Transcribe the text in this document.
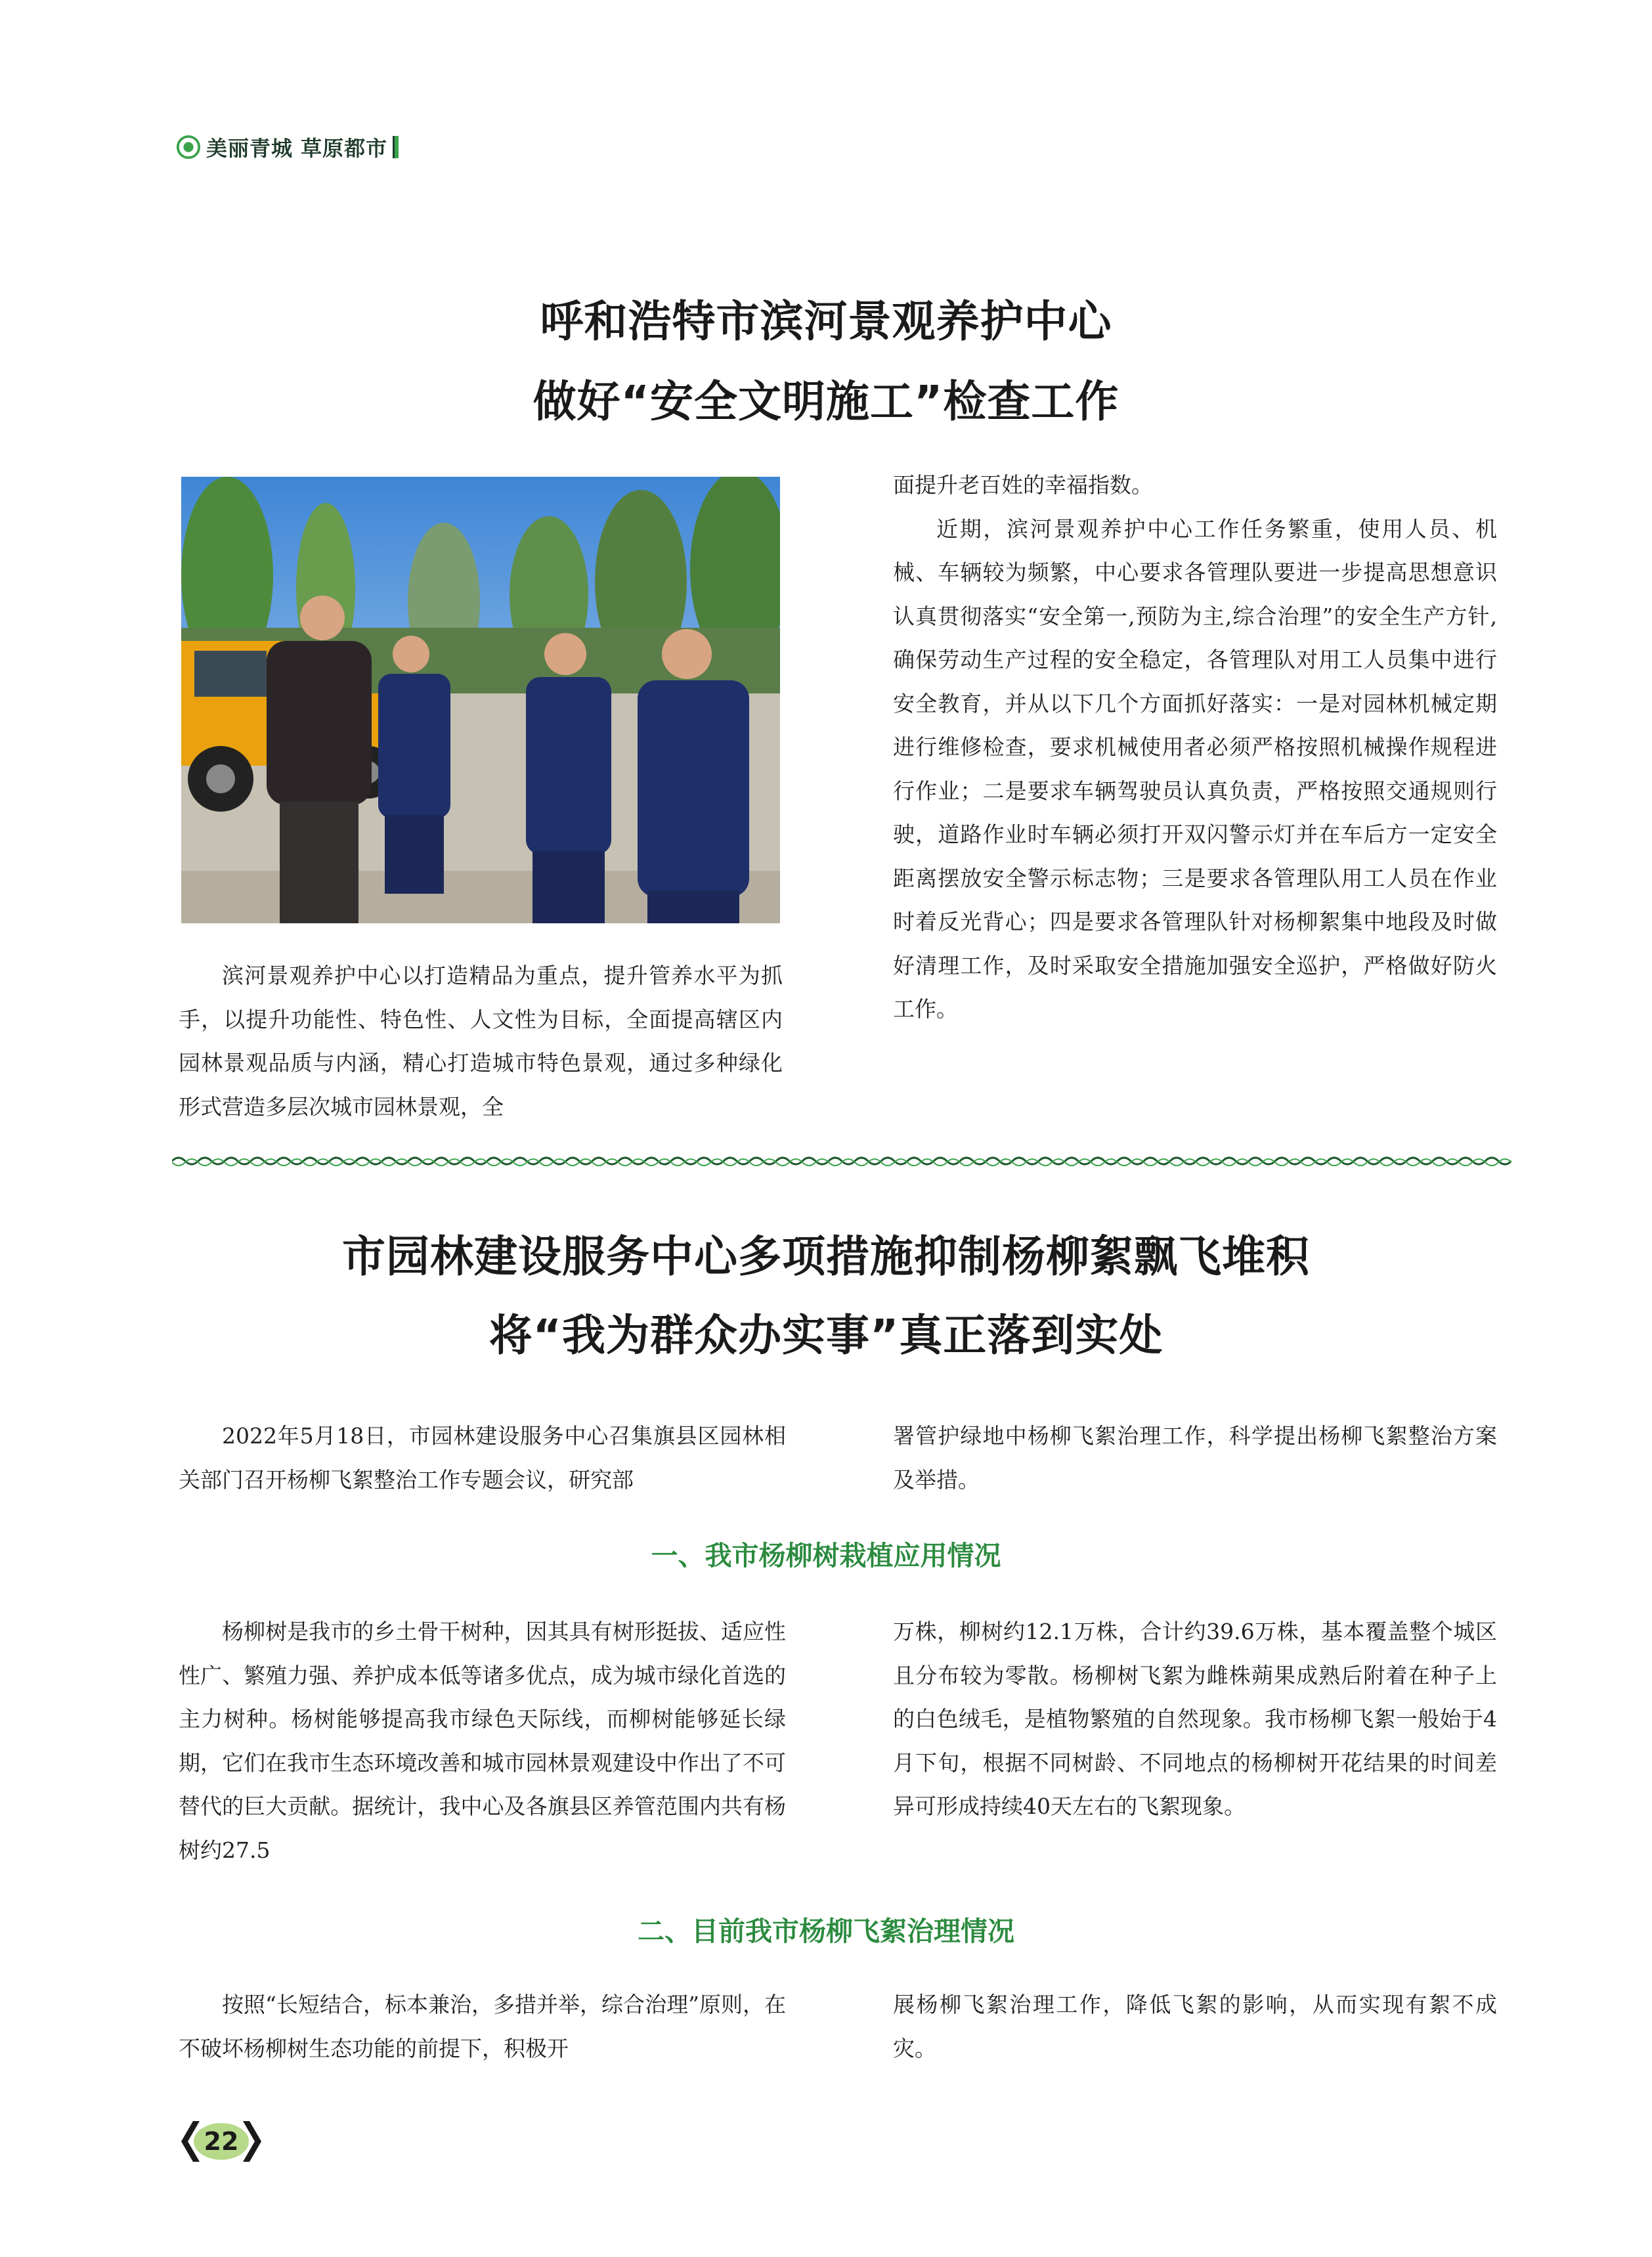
美丽青城 草原都市
呼和浩特市滨河景观养护中心
做好“安全文明施工”检查工作

滨河景观养护中心以打造精品为重点，提升管养水平为抓手，以提升功能性、特色性、人文性为目标，全面提高辖区内园林景观品质与内涵，精心打造城市特色景观，通过多种绿化形式营造多层次城市园林景观，全

面提升老百姓的幸福指数。

近期，滨河景观养护中心工作任务繁重，使用人员、机械、车辆较为频繁，中心要求各管理队要进一步提高思想意识认真贯彻落实“安全第一,预防为主,综合治理”的安全生产方针,确保劳动生产过程的安全稳定，各管理队对用工人员集中进行安全教育，并从以下几个方面抓好落实：一是对园林机械定期进行维修检查，要求机械使用者必须严格按照机械操作规程进行作业；二是要求车辆驾驶员认真负责，严格按照交通规则行驶，道路作业时车辆必须打开双闪警示灯并在车后方一定安全距离摆放安全警示标志物；三是要求各管理队用工人员在作业时着反光背心；四是要求各管理队针对杨柳絮集中地段及时做好清理工作，及时采取安全措施加强安全巡护，严格做好防火工作。

市园林建设服务中心多项措施抑制杨柳絮飘飞堆积
将“我为群众办实事”真正落到实处

2022年5月18日，市园林建设服务中心召集旗县区园林相关部门召开杨柳飞絮整治工作专题会议，研究部

署管护绿地中杨柳飞絮治理工作，科学提出杨柳飞絮整治方案及举措。

一、我市杨柳树栽植应用情况

杨柳树是我市的乡土骨干树种，因其具有树形挺拔、适应性性广、繁殖力强、养护成本低等诸多优点，成为城市绿化首选的主力树种。杨树能够提高我市绿色天际线，而柳树能够延长绿期，它们在我市生态环境改善和城市园林景观建设中作出了不可替代的巨大贡献。据统计，我中心及各旗县区养管范围内共有杨树约27.5

万株，柳树约12.1万株，合计约39.6万株，基本覆盖整个城区且分布较为零散。杨柳树飞絮为雌株蒴果成熟后附着在种子上的白色绒毛，是植物繁殖的自然现象。我市杨柳飞絮一般始于4月下旬，根据不同树龄、不同地点的杨柳树开花结果的时间差异可形成持续40天左右的飞絮现象。

二、目前我市杨柳飞絮治理情况

按照“长短结合，标本兼治，多措并举，综合治理”原则，在不破坏杨柳树生态功能的前提下，积极开

展杨柳飞絮治理工作，降低飞絮的影响，从而实现有絮不成灾。

22
